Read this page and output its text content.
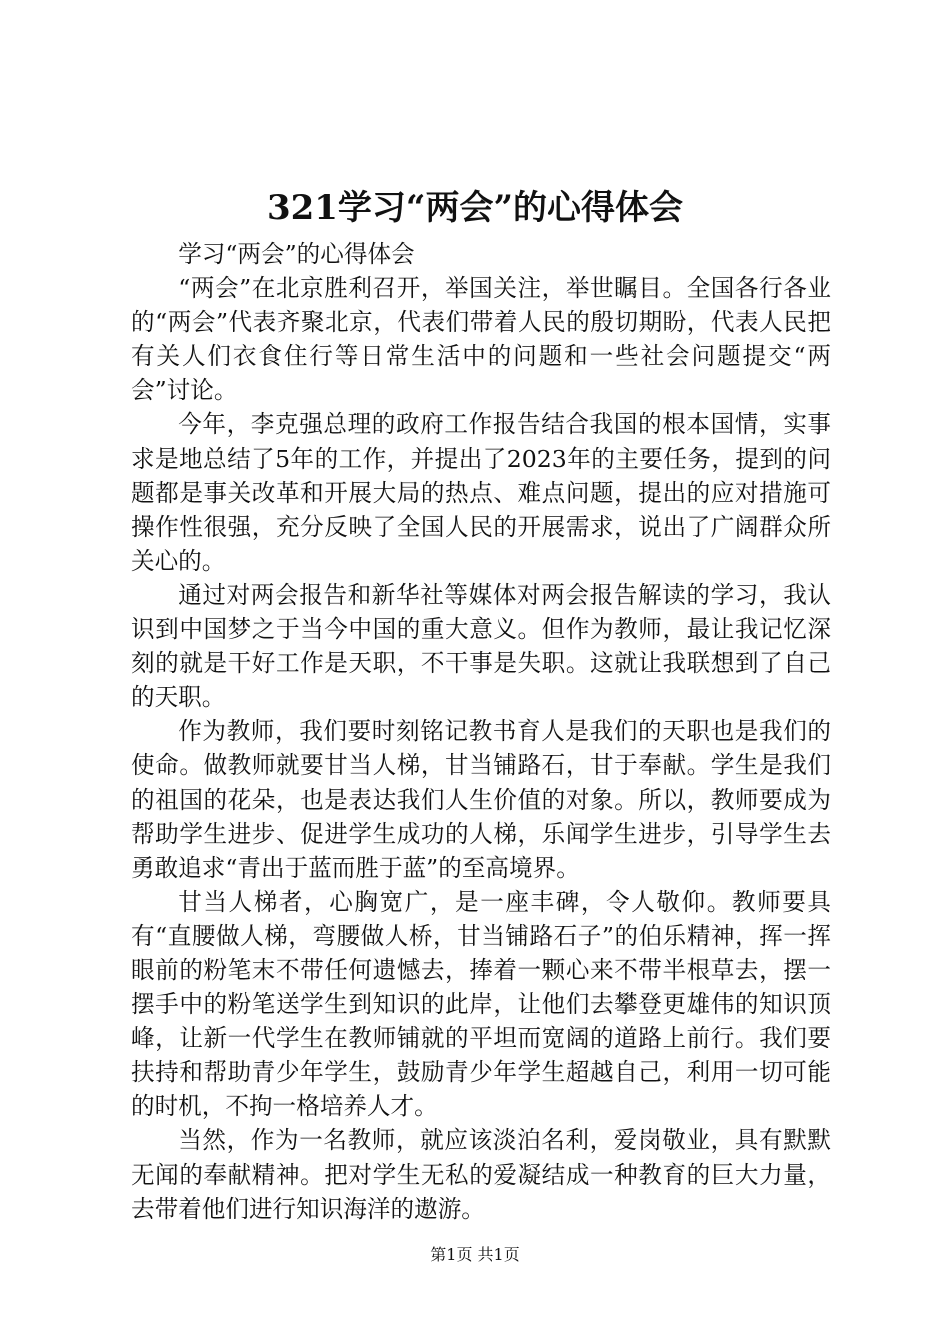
321学习“两会”的心得体会

学习“两会”的心得体会

“两会”在北京胜利召开，举国关注，举世瞩目。全国各行各业的“两会”代表齐聚北京，代表们带着人民的殷切期盼，代表人民把有关人们衣食住行等日常生活中的问题和一些社会问题提交“两会”讨论。

今年，李克强总理的政府工作报告结合我国的根本国情，实事求是地总结了5年的工作，并提出了2023年的主要任务，提到的问题都是事关改革和开展大局的热点、难点问题，提出的应对措施可操作性很强，充分反映了全国人民的开展需求，说出了广阔群众所关心的。

通过对两会报告和新华社等媒体对两会报告解读的学习，我认识到中国梦之于当今中国的重大意义。但作为教师，最让我记忆深刻的就是干好工作是天职，不干事是失职。这就让我联想到了自己的天职。

作为教师，我们要时刻铭记教书育人是我们的天职也是我们的使命。做教师就要甘当人梯，甘当铺路石，甘于奉献。学生是我们的祖国的花朵，也是表达我们人生价值的对象。所以，教师要成为帮助学生进步、促进学生成功的人梯，乐闻学生进步，引导学生去勇敢追求“青出于蓝而胜于蓝”的至高境界。

甘当人梯者，心胸宽广，是一座丰碑，令人敬仰。教师要具有“直腰做人梯，弯腰做人桥，甘当铺路石子”的伯乐精神，挥一挥眼前的粉笔末不带任何遗憾去，捧着一颗心来不带半根草去，摆一摆手中的粉笔送学生到知识的此岸，让他们去攀登更雄伟的知识顶峰，让新一代学生在教师铺就的平坦而宽阔的道路上前行。我们要扶持和帮助青少年学生，鼓励青少年学生超越自己，利用一切可能的时机，不拘一格培养人才。

当然，作为一名教师，就应该淡泊名利，爱岗敬业，具有默默无闻的奉献精神。把对学生无私的爱凝结成一种教育的巨大力量，去带着他们进行知识海洋的遨游。

第1页 共1页
